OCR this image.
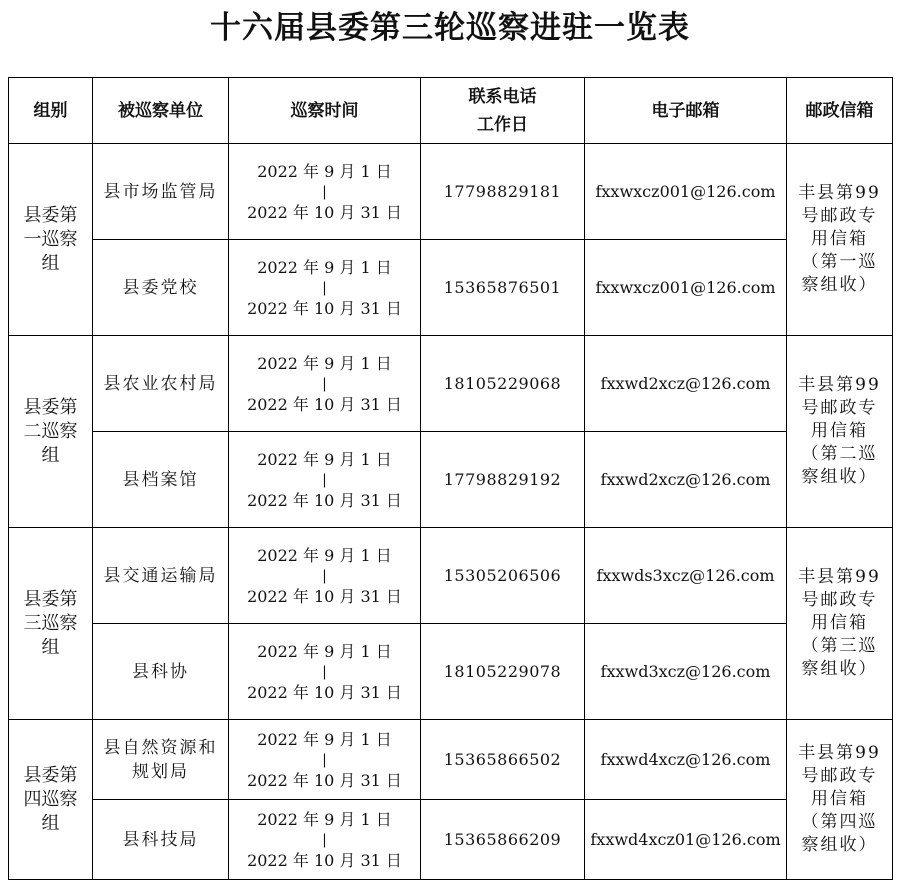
十六届县委第三轮巡察进驻一览表
组别	被巡察单位	巡察时间	联系电话
工作日	电子邮箱	邮政信箱
县委第一巡察组	县市场监管局	2022 年 9 月 1 日
|
2022 年 10 月 31 日	17798829181	fxxwxcz001@126.com	丰县第99号邮政专用信箱（第一巡察组收）
	县委党校	2022 年 9 月 1 日
|
2022 年 10 月 31 日	15365876501	fxxwxcz001@126.com	
县委第二巡察组	县农业农村局	2022 年 9 月 1 日
|
2022 年 10 月 31 日	18105229068	fxxwd2xcz@126.com	丰县第99号邮政专用信箱（第二巡察组收）
	县档案馆	2022 年 9 月 1 日
|
2022 年 10 月 31 日	17798829192	fxxwd2xcz@126.com	
县委第三巡察组	县交通运输局	2022 年 9 月 1 日
|
2022 年 10 月 31 日	15305206506	fxxwds3xcz@126.com	丰县第99号邮政专用信箱（第三巡察组收）
	县科协	2022 年 9 月 1 日
|
2022 年 10 月 31 日	18105229078	fxxwd3xcz@126.com	
县委第四巡察组	县自然资源和规划局	2022 年 9 月 1 日
|
2022 年 10 月 31 日	15365866502	fxxwd4xcz@126.com	丰县第99号邮政专用信箱（第四巡察组收）
	县科技局	2022 年 9 月 1 日
|
2022 年 10 月 31 日	15365866209	fxxwd4xcz01@126.com	
